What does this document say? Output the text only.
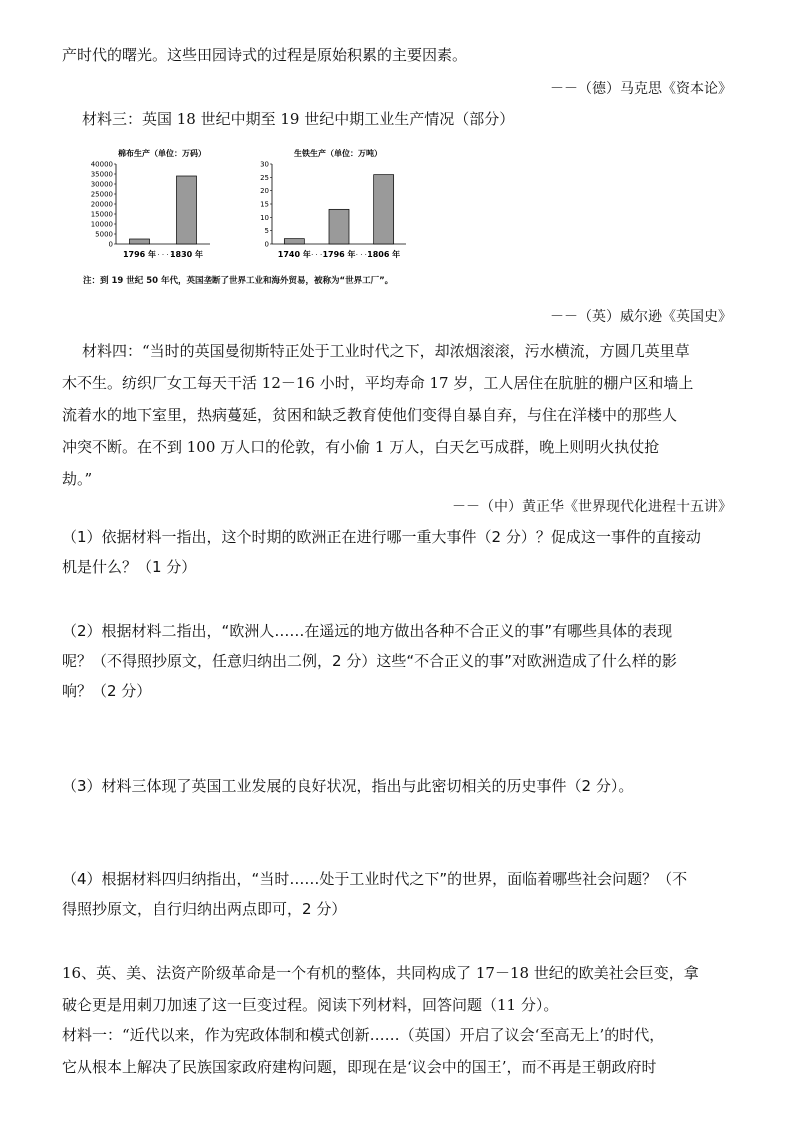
产时代的曙光。这些田园诗式的过程是原始积累的主要因素。
－－（德）马克思《资本论》
材料三：英国 18 世纪中期至 19 世纪中期工业生产情况（部分）
棉布生产（单位：万码）
40000
35000
30000
25000
20000
15000
10000
5000
0
1796 年
· · · · ·
1830 年
生铁生产（单位：万吨）
30
25
20
15
10
5
0
1740 年
· · · · ·
1796 年
· · · · ·
1806 年
注：到 19 世纪 50 年代，英国垄断了世界工业和海外贸易，被称为“世界工厂”。
－－（英）威尔逊《英国史》
材料四：“当时的英国曼彻斯特正处于工业时代之下，却浓烟滚滚，污水横流，方圆几英里草
木不生。纺织厂女工每天干活 12－16 小时，平均寿命 17 岁，工人居住在肮脏的棚户区和墙上
流着水的地下室里，热病蔓延，贫困和缺乏教育使他们变得自暴自弃，与住在洋楼中的那些人
冲突不断。在不到 100 万人口的伦敦，有小偷 1 万人，白天乞丐成群，晚上则明火执仗抢
劫。”
－－（中）黄正华《世界现代化进程十五讲》
（1）依据材料一指出，这个时期的欧洲正在进行哪一重大事件（2 分）？促成这一事件的直接动
机是什么？（1 分）
（2）根据材料二指出，“欧洲人……在遥远的地方做出各种不合正义的事”有哪些具体的表现
呢？（不得照抄原文，任意归纳出二例，2 分）这些“不合正义的事”对欧洲造成了什么样的影
响？（2 分）
（3）材料三体现了英国工业发展的良好状况，指出与此密切相关的历史事件（2 分）。
（4）根据材料四归纳指出，“当时……处于工业时代之下”的世界，面临着哪些社会问题？（不
得照抄原文，自行归纳出两点即可，2 分）
16、英、美、法资产阶级革命是一个有机的整体，共同构成了 17－18 世纪的欧美社会巨变，拿
破仑更是用刺刀加速了这一巨变过程。阅读下列材料，回答问题（11 分）。
材料一：“近代以来，作为宪政体制和模式创新……（英国）开启了议会‘至高无上’的时代，
它从根本上解决了民族国家政府建构问题，即现在是‘议会中的国王’，而不再是王朝政府时
